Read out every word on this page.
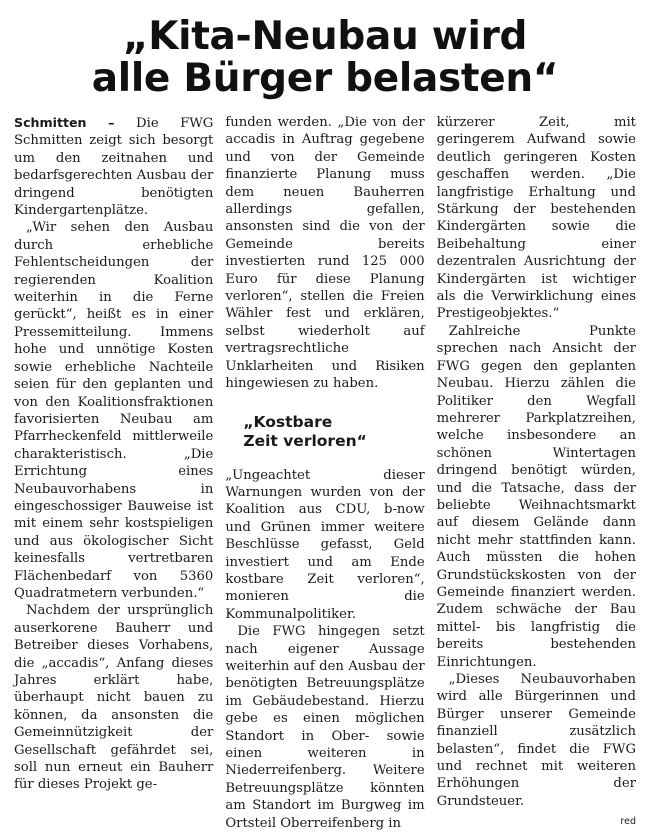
„Kita-Neubau wird
alle Bürger belasten“

Schmitten – Die FWG Schmitten zeigt sich besorgt um den zeitnahen und bedarfsgerechten Ausbau der dringend benötigten Kindergartenplätze.

„Wir sehen den Ausbau durch erhebliche Fehlentscheidungen der regierenden Koalition weiterhin in die Ferne gerückt“, heißt es in einer Pressemitteilung. Immens hohe und unnötige Kosten sowie erhebliche Nachteile seien für den geplanten und von den Koalitionsfraktionen favorisierten Neubau am Pfarrheckenfeld mittlerweile charakteristisch. „Die Errichtung eines Neubauvorhabens in eingeschossiger Bauweise ist mit einem sehr kostspieligen und aus ökologischer Sicht keinesfalls vertretbaren Flächenbedarf von 5360 Quadratmetern verbunden.“

Nachdem der ursprünglich auserkorene Bauherr und Betreiber dieses Vorhabens, die „accadis“, Anfang dieses Jahres erklärt habe, überhaupt nicht bauen zu können, da ansonsten die Gemeinnützigkeit der Gesellschaft gefährdet sei, soll nun erneut ein Bauherr für dieses Projekt ge-

funden werden. „Die von der accadis in Auftrag gegebene und von der Gemeinde finanzierte Planung muss dem neuen Bauherren allerdings gefallen, ansonsten sind die von der Gemeinde bereits investierten rund 125 000 Euro für diese Planung verloren“, stellen die Freien Wähler fest und erklären, selbst wiederholt auf vertragsrechtliche Unklarheiten und Risiken hingewiesen zu haben.

„Kostbare
Zeit verloren“

„Ungeachtet dieser Warnungen wurden von der Koalition aus CDU, b-now und Grünen immer weitere Beschlüsse gefasst, Geld investiert und am Ende kostbare Zeit verloren“, monieren die Kommunalpolitiker.

Die FWG hingegen setzt nach eigener Aussage weiterhin auf den Ausbau der benötigten Betreuungsplätze im Gebäudebestand. Hierzu gebe es einen möglichen Standort in Ober- sowie einen weiteren in Niederreifenberg. Weitere Betreuungsplätze könnten am Standort im Burgweg im Ortsteil Oberreifenberg in

kürzerer Zeit, mit geringerem Aufwand sowie deutlich geringeren Kosten geschaffen werden. „Die langfristige Erhaltung und Stärkung der bestehenden Kindergärten sowie die Beibehaltung einer dezentralen Ausrichtung der Kindergärten ist wichtiger als die Verwirklichung eines Prestigeobjektes.“

Zahlreiche Punkte sprechen nach Ansicht der FWG gegen den geplanten Neubau. Hierzu zählen die Politiker den Wegfall mehrerer Parkplatzreihen, welche insbesondere an schönen Wintertagen dringend benötigt würden, und die Tatsache, dass der beliebte Weihnachtsmarkt auf diesem Gelände dann nicht mehr stattfinden kann. Auch müssten die hohen Grundstückskosten von der Gemeinde finanziert werden. Zudem schwäche der Bau mittel- bis langfristig die bereits bestehenden Einrichtungen.

„Dieses Neubauvorhaben wird alle Bürgerinnen und Bürger unserer Gemeinde finanziell zusätzlich belasten“, findet die FWG und rechnet mit weiteren Erhöhungen der Grundsteuer.

red
